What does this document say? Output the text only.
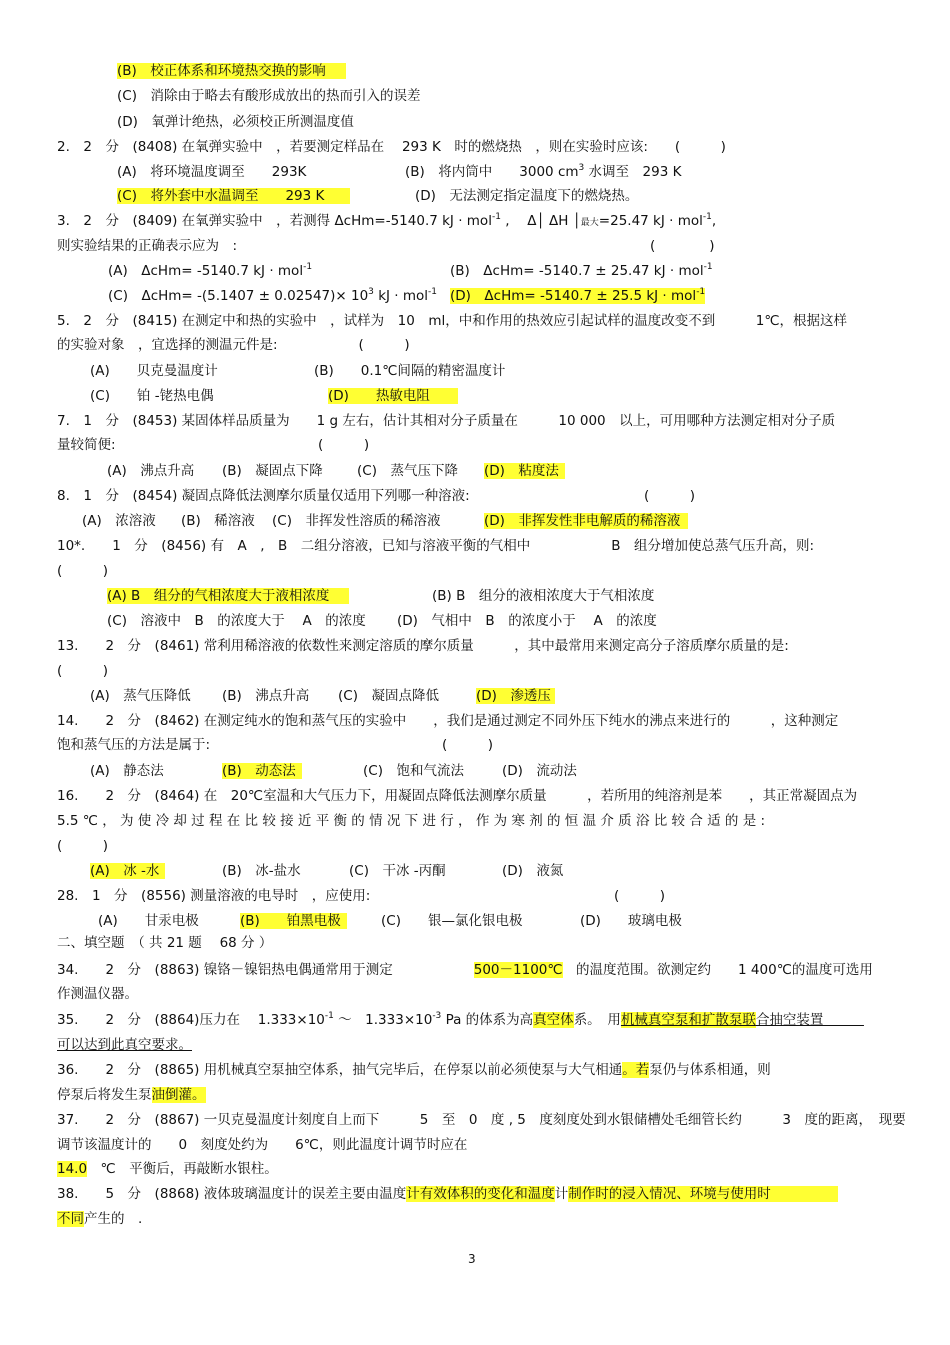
(B)　校正体系和环境热交换的影响
(C)　消除由于略去有酸形成放出的热而引入的误差
(D)　氧弹计绝热，必须校正所测温度值
2.　2　分　(8408) 在氧弹实验中　，若要测定样品在　 293 K　时的燃烧热　，则在实验时应该:　　(　　　)
(A)　将环境温度调至　　293K	(B)　将内筒中　　3000 $cm^3$ 水调至　293 K
(C)　将外套中水温调至　　293 K	(D)　无法测定指定温度下的燃烧热。
3.　2　分　(8409) 在氧弹实验中　，若测得 ΔcHm=-5140.7 kJ · mol$^{-1}$ ,　 Δ│ ΔH │最大=25.47 kJ · mol$^{-1}$,
则实验结果的正确表示应为　:	(　　　　)
(A)　ΔcHm= -5140.7 kJ · mol$^{-1}$	(B)　ΔcHm= -5140.7 ± 25.47 kJ · mol$^{-1}$
(C)　$\Delta cHm= -(5.1407 \pm 0.02547)\times 10^3$ kJ · mol$^{-1}$ (D)　ΔcHm= -5140.7 ± 25.5 kJ · mol$^{-1}$
5.　2　分　(8415) 在测定中和热的实验中　，试样为　10　ml，中和作用的热效应引起试样的温度改变不到　　　1℃，根据这样
的实验对象　，宜选择的测温元件是:　　　　　　(　　　)
(A)　　贝克曼温度计	(B)　　0.1℃间隔的精密温度计
(C)　　铂 -铑热电偶	(D)　　热敏电阻
7.　1　分　(8453) 某固体样品质量为　　1 g 左右，估计其相对分子质量在　　　10 000　以上，可用哪种方法测定相对分子质
量较简便:　　　　　　　　　　　　　　　(　　　)
(A)　沸点升高 (B)　凝固点下降	(C)　蒸气压下降 (D)　粘度法
8.　1　分　(8454) 凝固点降低法测摩尔质量仅适用下列哪一种溶液:	(　　　)
(A)　浓溶液 (B)　稀溶液 (C)　非挥发性溶质的稀溶液	(D)　非挥发性非电解质的稀溶液
10*.　　1　分　(8456) 有　A　,　B　二组分溶液，已知与溶液平衡的气相中　　　　　　B　组分增加使总蒸气压升高，则:
(　　　)
(A) B　组分的气相浓度大于液相浓度	(B) B　组分的液相浓度大于气相浓度
(C)　溶液中　B　的浓度大于　 A　的浓度 (D)　气相中　B　的浓度小于　 A　的浓度
13.　　2　分　(8461) 常利用稀溶液的依数性来测定溶质的摩尔质量　　　，其中最常用来测定高分子溶质摩尔质量的是:
(　　　)
(A)　蒸气压降低 (B)　沸点升高 (C)　凝固点降低	(D)　渗透压
14.　　2　分　(8462) 在测定纯水的饱和蒸气压的实验中　　，我们是通过测定不同外压下纯水的沸点来进行的　　　，这种测定
饱和蒸气压的方法是属于:	(　　　)
(A)　静态法	(B)　动态法	(C)　饱和气流法	(D)　流动法
16.　　2　分　(8464) 在　20℃室温和大气压力下，用凝固点降低法测摩尔质量　　　，若所用的纯溶剂是苯　　，其正常凝固点为
5.5 ℃ ， 为 使 冷 却 过 程 在 比 较 接 近 平 衡 的 情 况 下 进 行 ， 作 为 寒 剂 的 恒 温 介 质 浴 比 较 合 适 的 是 :
(　　　)
(A)　冰 -水	(B)　冰-盐水	(C)　干冰 -丙酮	(D)　液氮
28.　1　分　(8556) 测量溶液的电导时　，应使用:	(　　　)
(A)　　甘汞电极	(B)　　铂黑电极	(C)　　银—氯化银电极	(D)　　玻璃电极
二、填空题　（ 共 21 题　 68 分 ）
34.　　2　分　(8863) 镍铬－镍铝热电偶通常用于测定　　　　　　	500－1100℃　 的温度范围。欲测定约　　1 400℃的温度可选用
作测温仪器。
35.　　2　分　(8864)压力在　 $1.333\times 10^{-1}$ ～　$1.333\times 10^{-3}$ Pa 的体系为高真空体系。　用机械真空泵和扩散泵联合抽空装置　　　
可以达到此真空要求。
36.　　2　分　(8865) 用机械真空泵抽空体系，抽气完毕后，在停泵以前必须使泵与大气相通。若泵仍与体系相通，则
停泵后将发生泵油倒灌。
37.　　2　分　(8867) 一贝克曼温度计刻度自上而下　　　5　至　0　度 , 5　度刻度处到水银储槽处毛细管长约　　　3　度的距离，　现要
调节该温度计的　　0　刻度处约为　　6℃，则此温度计调节时应在
14.0　℃　平衡后，再敲断水银柱。
38.　　5　分　(8868) 液体玻璃温度计的误差主要由温度计有效体积的变化和温度计制作时的浸入情况、环境与使用时　　　　　
不同产生的　.
3
